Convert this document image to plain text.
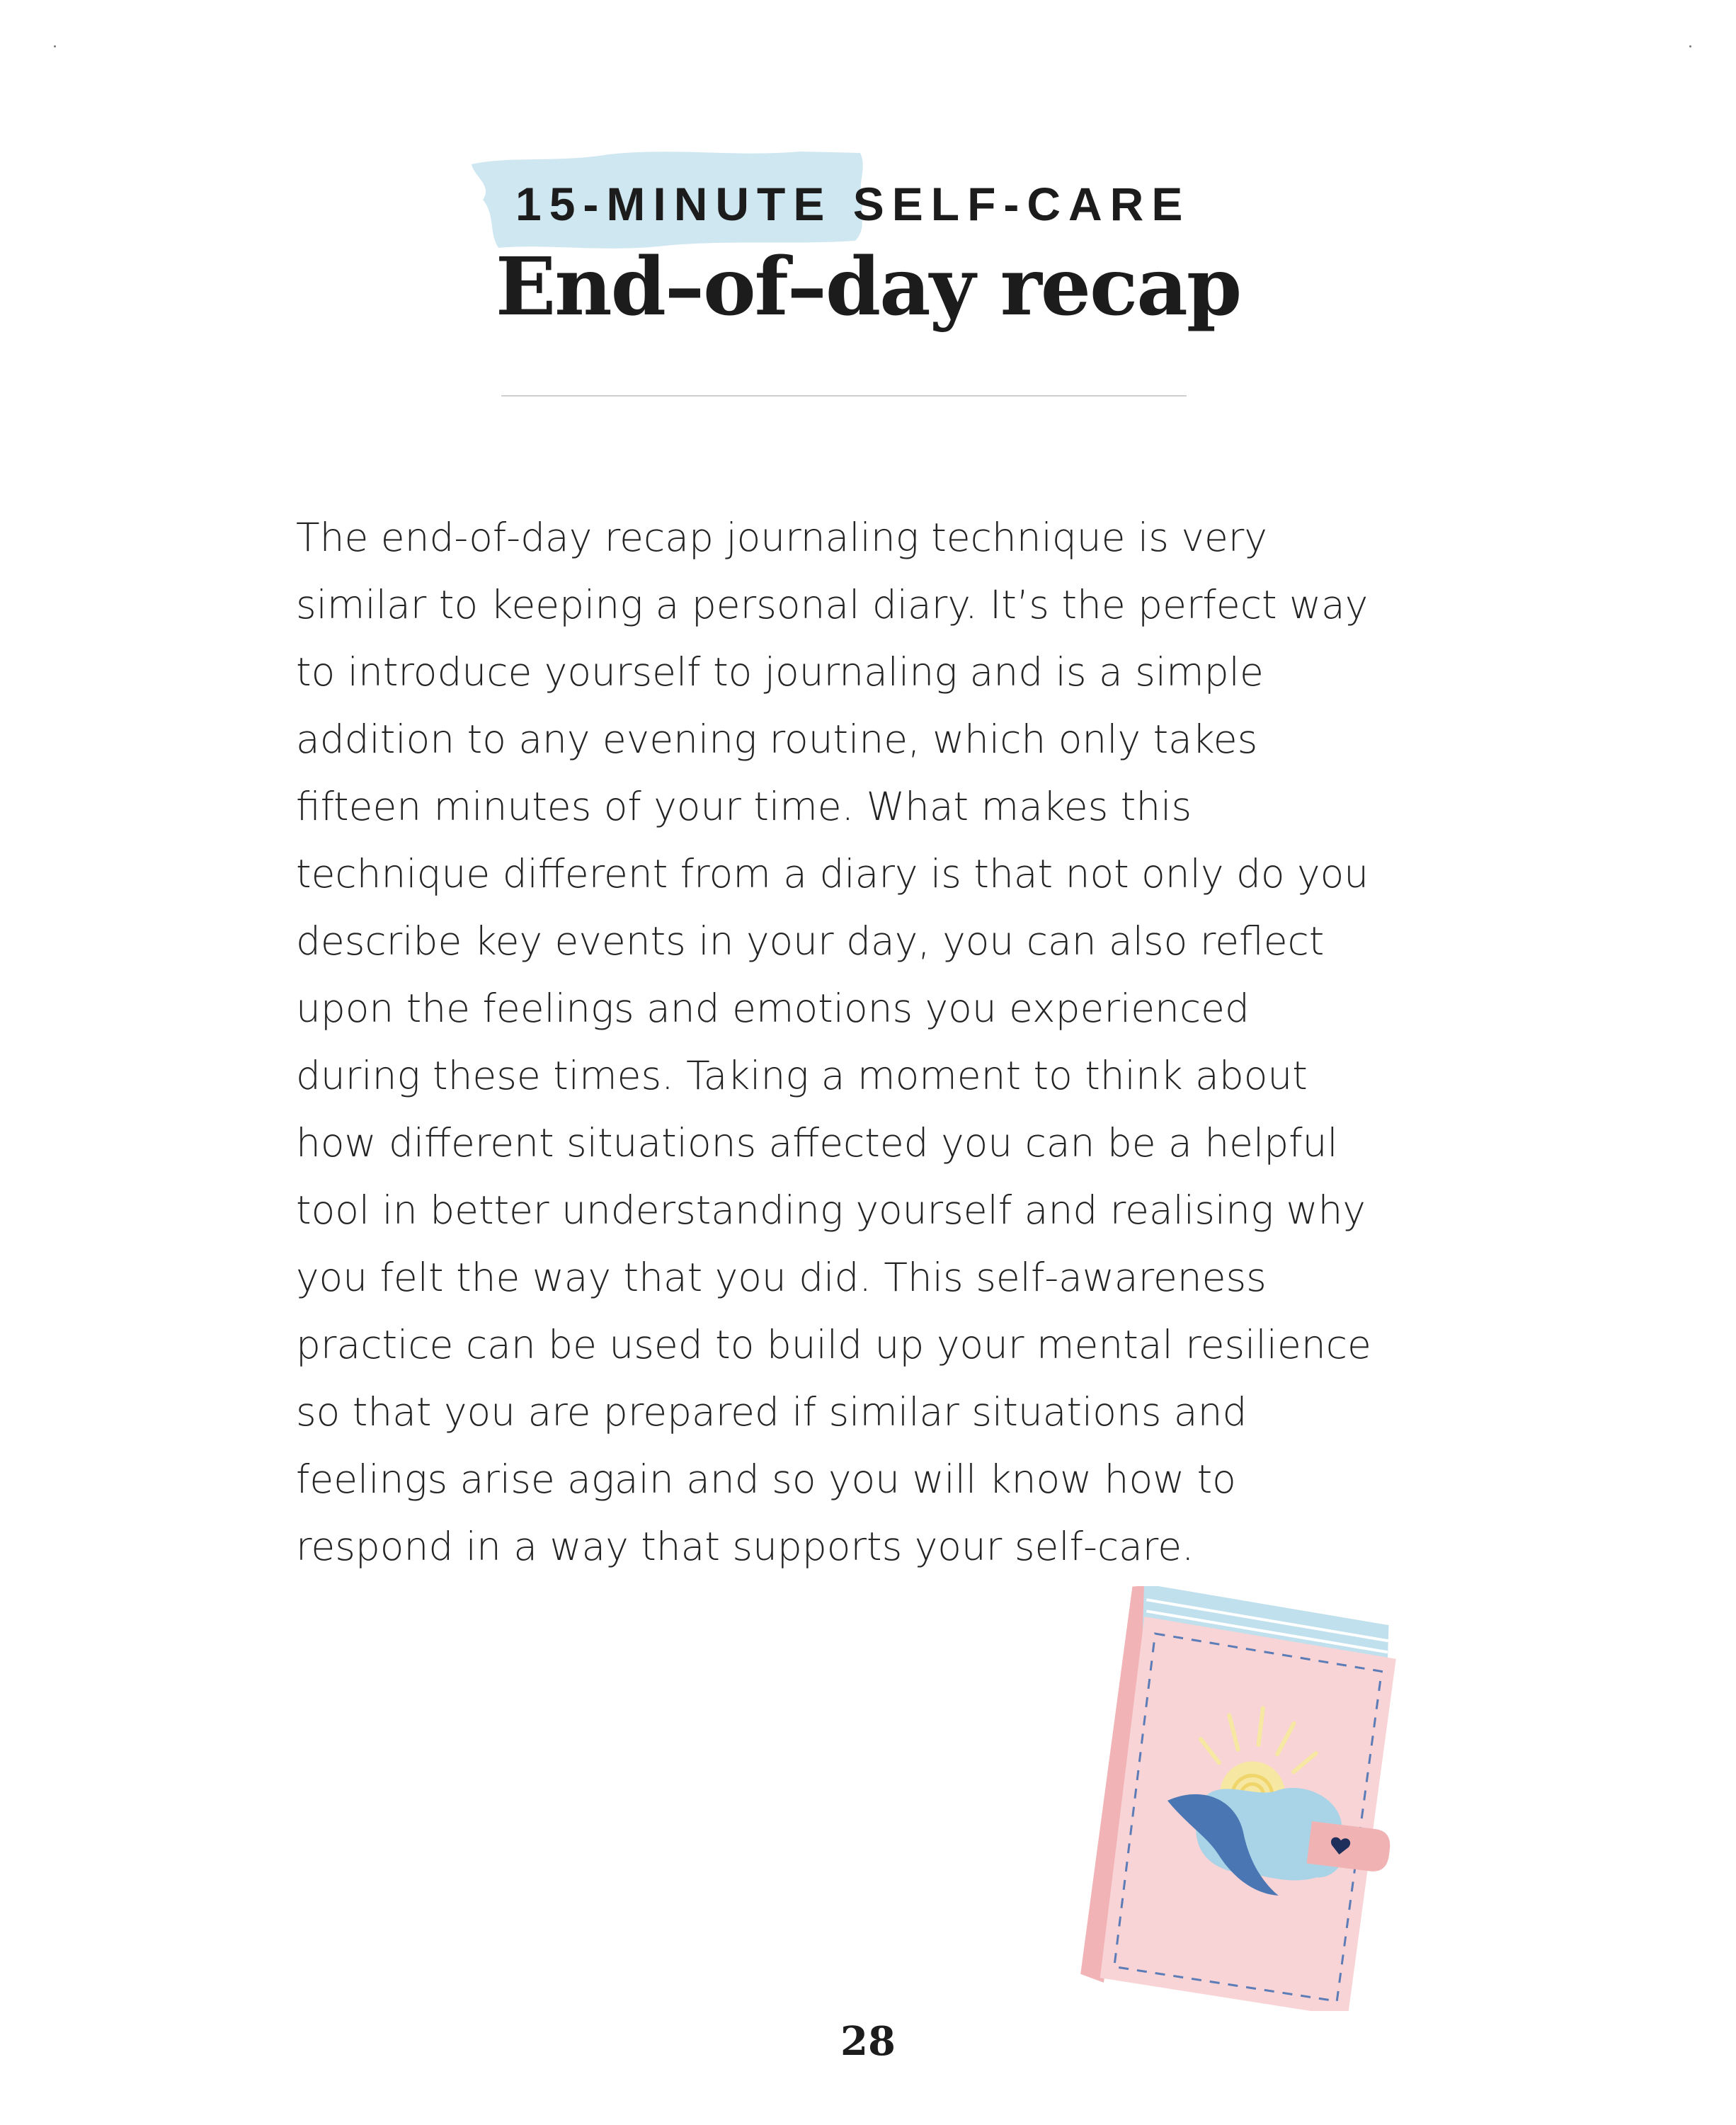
15-MINUTE SELF-CARE
End–of–day recap

The end-of-day recap journaling technique is very
similar to keeping a personal diary. It’s the perfect way
to introduce yourself to journaling and is a simple
addition to any evening routine, which only takes
fifteen minutes of your time. What makes this
technique different from a diary is that not only do you
describe key events in your day, you can also reflect
upon the feelings and emotions you experienced
during these times. Taking a moment to think about
how different situations affected you can be a helpful
tool in better understanding yourself and realising why
you felt the way that you did. This self-awareness
practice can be used to build up your mental resilience
so that you are prepared if similar situations and
feelings arise again and so you will know how to
respond in a way that supports your self-care.

28
